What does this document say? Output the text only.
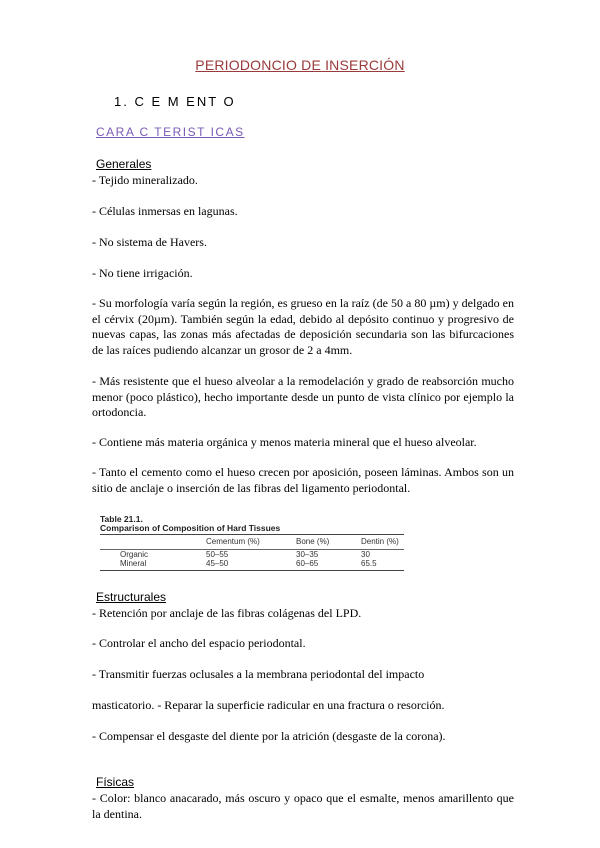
PERIODONCIO DE INSERCIÓN
1. C E M ENT O
CARA C TERIST ICAS
Generales
- Tejido mineralizado.
- Células inmersas en lagunas.
- No sistema de Havers.
- No tiene irrigación.
- Su morfología varía según la región, es grueso en la raíz (de 50 a 80 µm) y delgado en el cérvix (20µm). También según la edad, debido al depósito continuo y progresivo de nuevas capas, las zonas más afectadas de deposición secundaria son las bifurcaciones de las raíces pudiendo alcanzar un grosor de 2 a 4mm.
- Más resistente que el hueso alveolar a la remodelación y grado de reabsorción mucho menor (poco plástico), hecho importante desde un punto de vista clínico por ejemplo la ortodoncia.
- Contiene más materia orgánica y menos materia mineral que el hueso alveolar.
- Tanto el cemento como el hueso crecen por aposición, poseen láminas. Ambos son un sitio de anclaje o inserción de las fibras del ligamento periodontal.
Table 21.1.
Comparison of Composition of Hard Tissues
	Cementum (%)	Bone (%)	Dentin (%)

Organic	50–55	30–35	30
Mineral	45–50	60–65	65.5
Estructurales
- Retención por anclaje de las fibras colágenas del LPD.
- Controlar el ancho del espacio periodontal.
- Transmitir fuerzas oclusales a la membrana periodontal del impacto
masticatorio. - Reparar la superficie radicular en una fractura o resorción.
- Compensar el desgaste del diente por la atrición (desgaste de la corona).
Físicas
- Color: blanco anacarado, más oscuro y opaco que el esmalte, menos amarillento que la dentina.
